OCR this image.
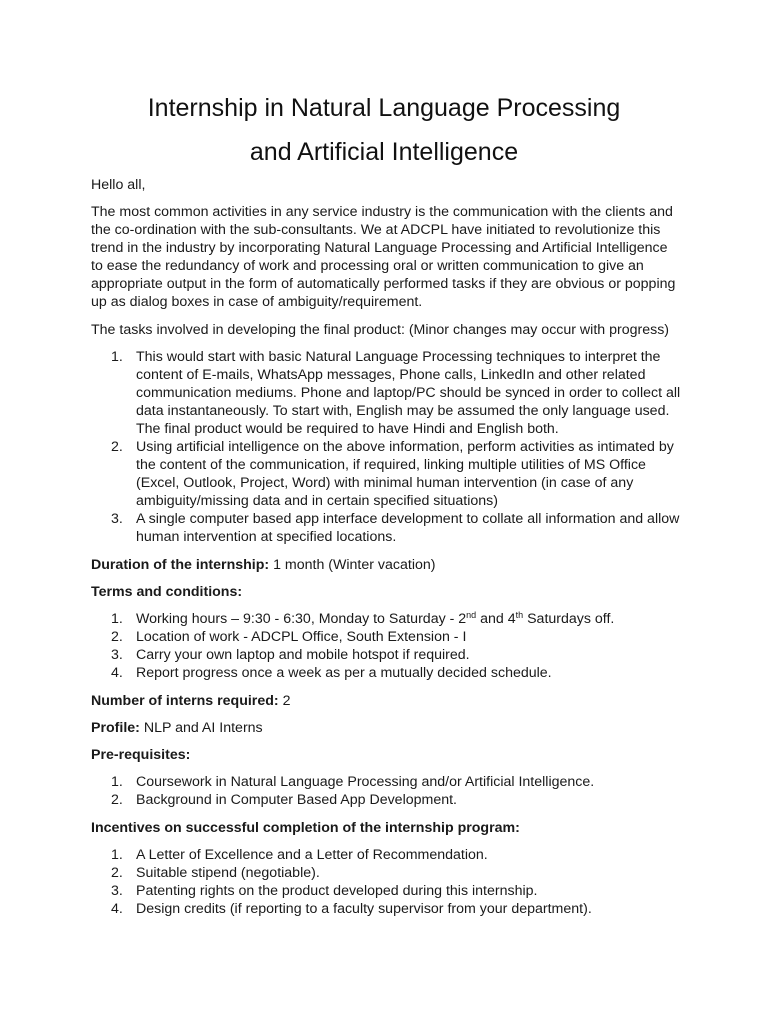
Internship in Natural Language Processing
and Artificial Intelligence

Hello all,

The most common activities in any service industry is the communication with the clients and the co-ordination with the sub-consultants. We at ADCPL have initiated to revolutionize this trend in the industry by incorporating Natural Language Processing and Artificial Intelligence to ease the redundancy of work and processing oral or written communication to give an appropriate output in the form of automatically performed tasks if they are obvious or popping up as dialog boxes in case of ambiguity/requirement.

The tasks involved in developing the final product: (Minor changes may occur with progress)

1. This would start with basic Natural Language Processing techniques to interpret the content of E-mails, WhatsApp messages, Phone calls, LinkedIn and other related communication mediums. Phone and laptop/PC should be synced in order to collect all data instantaneously. To start with, English may be assumed the only language used. The final product would be required to have Hindi and English both.
2. Using artificial intelligence on the above information, perform activities as intimated by the content of the communication, if required, linking multiple utilities of MS Office (Excel, Outlook, Project, Word) with minimal human intervention (in case of any ambiguity/missing data and in certain specified situations)
3. A single computer based app interface development to collate all information and allow human intervention at specified locations.

Duration of the internship: 1 month (Winter vacation)

Terms and conditions:

1. Working hours – 9:30 - 6:30, Monday to Saturday - 2nd and 4th Saturdays off.
2. Location of work - ADCPL Office, South Extension - I
3. Carry your own laptop and mobile hotspot if required.
4. Report progress once a week as per a mutually decided schedule.

Number of interns required: 2

Profile: NLP and AI Interns

Pre-requisites:

1. Coursework in Natural Language Processing and/or Artificial Intelligence.
2. Background in Computer Based App Development.

Incentives on successful completion of the internship program:

1. A Letter of Excellence and a Letter of Recommendation.
2. Suitable stipend (negotiable).
3. Patenting rights on the product developed during this internship.
4. Design credits (if reporting to a faculty supervisor from your department).
